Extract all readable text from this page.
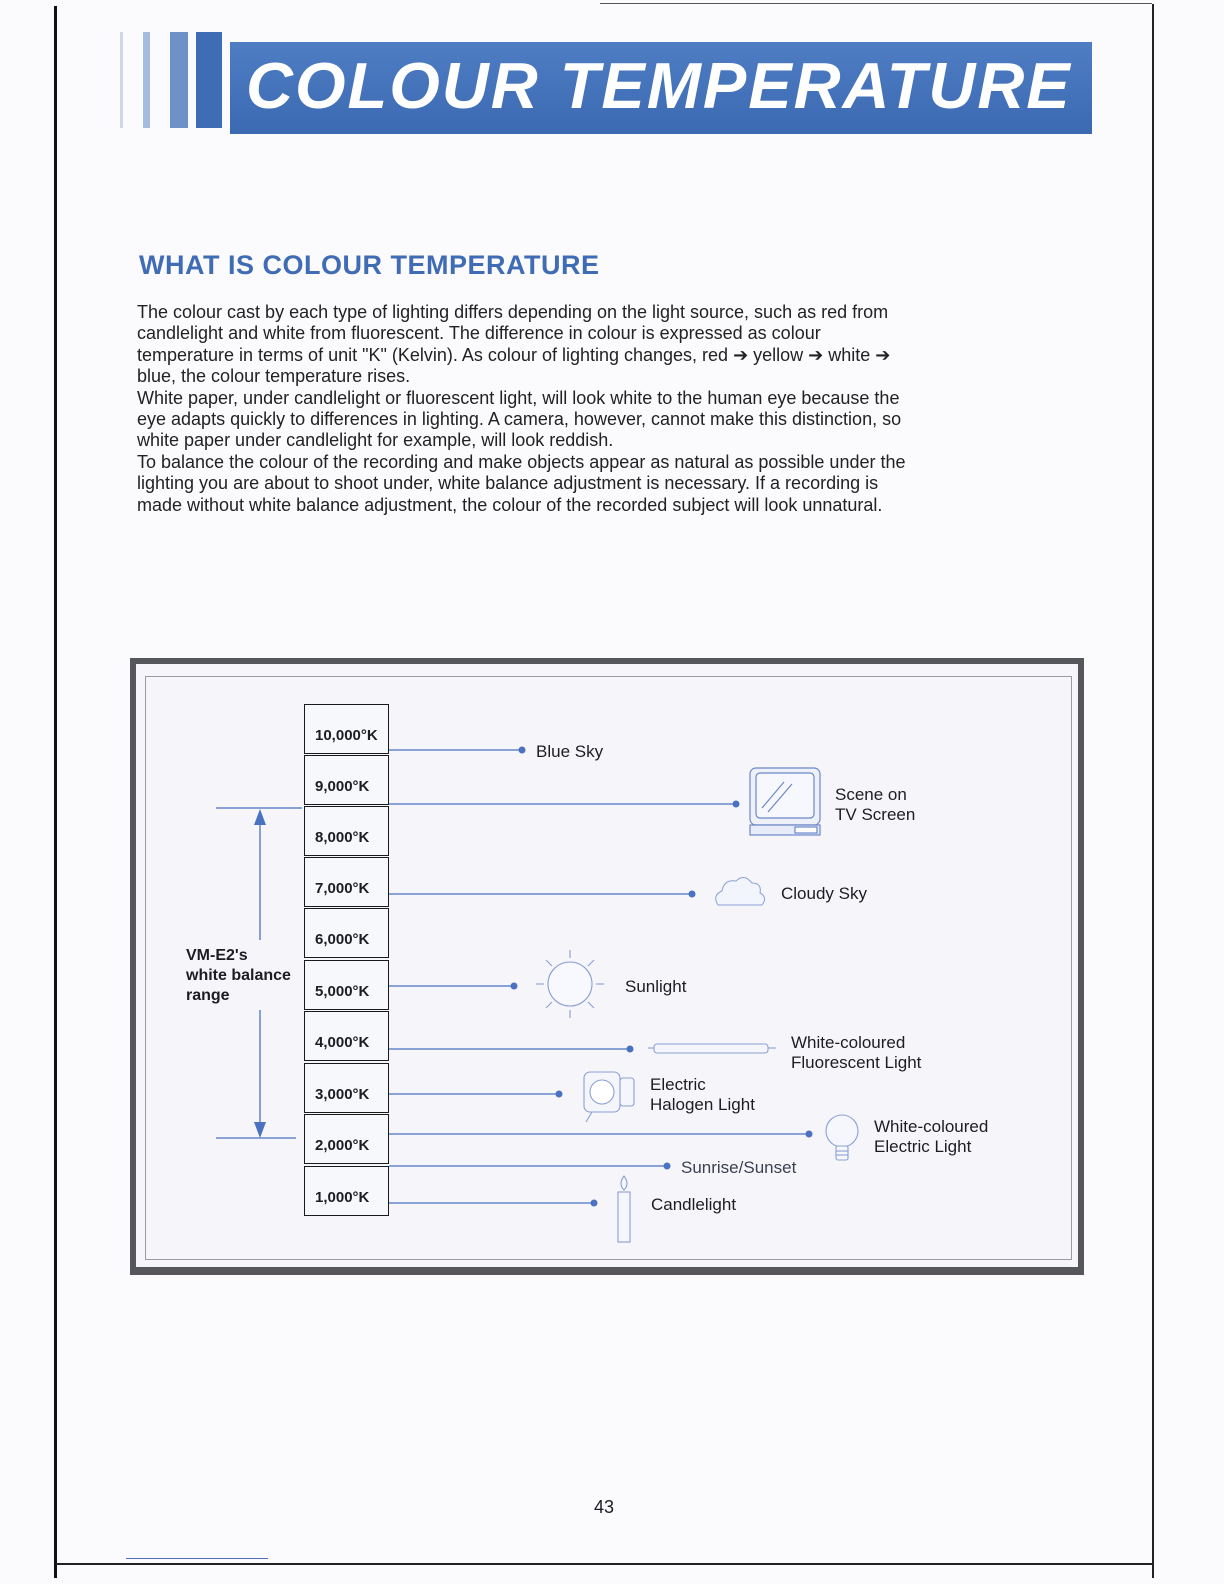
COLOUR TEMPERATURE
WHAT IS COLOUR TEMPERATURE

The colour cast by each type of lighting differs depending on the light source, such as red from candlelight and white from fluorescent. The difference in colour is expressed as colour temperature in terms of unit "K" (Kelvin). As colour of lighting changes, red ➔ yellow ➔ white ➔ blue, the colour temperature rises.

White paper, under candlelight or fluorescent light, will look white to the human eye because the eye adapts quickly to differences in lighting. A camera, however, cannot make this distinction, so white paper under candlelight for example, will look reddish.

To balance the colour of the recording and make objects appear as natural as possible under the lighting you are about to shoot under, white balance adjustment is necessary. If a recording is made without white balance adjustment, the colour of the recorded subject will look unnatural.

10,000°K
9,000°K
8,000°K
7,000°K
6,000°K
5,000°K
4,000°K
3,000°K
2,000°K
1,000°K
VM-E2's
white balance
range
Blue Sky
Scene on
TV Screen
Cloudy Sky
Sunlight
White-coloured
Fluorescent Light
Electric
Halogen Light
White-coloured
Electric Light
Sunrise/Sunset
Candlelight
43
